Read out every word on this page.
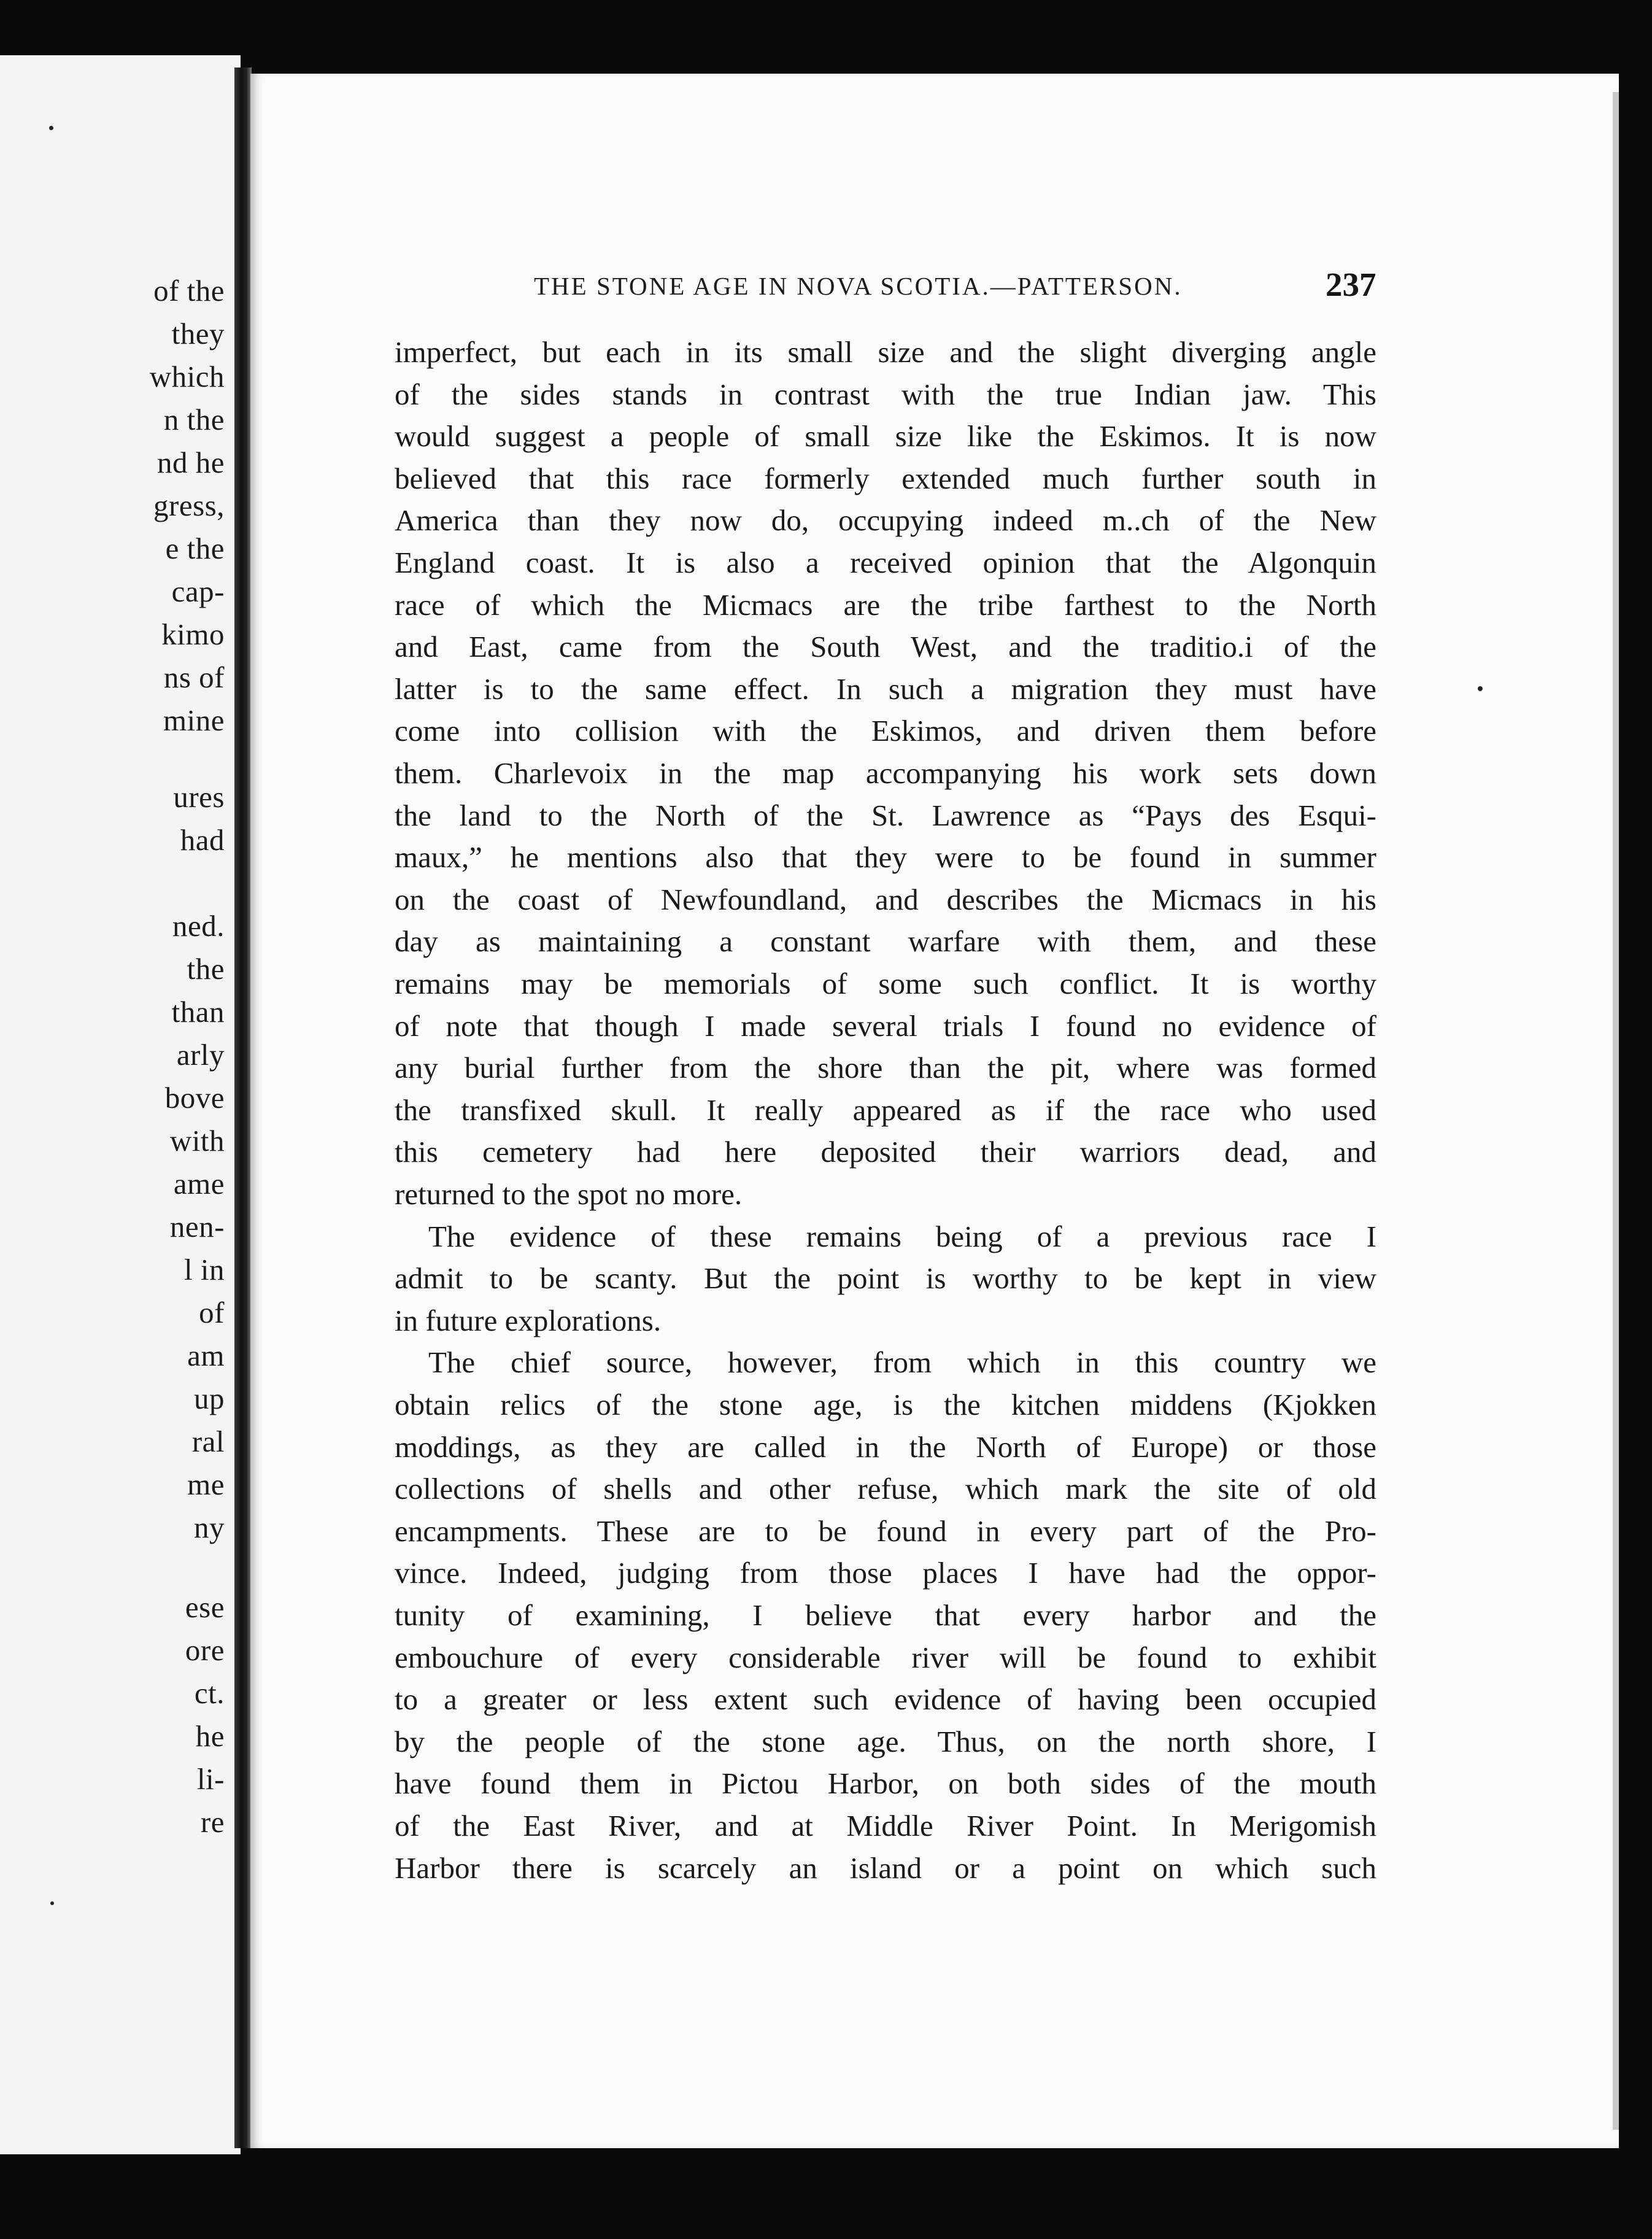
of the
they
which
n the
nd he
gress,
e the
cap-
kimo
ns of
mine
ures
had
ned.
the
than
arly
bove
with
ame
nen-
l in
of
am
up
ral
me
ny
ese
ore
ct.
he
li-
re
THE STONE AGE IN NOVA SCOTIA.—PATTERSON.	237
imperfect, but each in its small size and the slight diverging angle
of the sides stands in contrast with the true Indian jaw. This
would suggest a people of small size like the Eskimos. It is now
believed that this race formerly extended much further south in
America than they now do, occupying indeed m..ch of the New
England coast. It is also a received opinion that the Algonquin
race of which the Micmacs are the tribe farthest to the North
and East, came from the South West, and the traditio.i of the
latter is to the same effect. In such a migration they must have
come into collision with the Eskimos, and driven them before
them. Charlevoix in the map accompanying his work sets down
the land to the North of the St. Lawrence as “Pays des Esqui-
maux,” he mentions also that they were to be found in summer
on the coast of Newfoundland, and describes the Micmacs in his
day as maintaining a constant warfare with them, and these
remains may be memorials of some such conflict. It is worthy
of note that though I made several trials I found no evidence of
any burial further from the shore than the pit, where was formed
the transfixed skull. It really appeared as if the race who used
this cemetery had here deposited their warriors dead, and
returned to the spot no more.
The evidence of these remains being of a previous race I
admit to be scanty. But the point is worthy to be kept in view
in future explorations.
The chief source, however, from which in this country we
obtain relics of the stone age, is the kitchen middens (Kjokken
moddings, as they are called in the North of Europe) or those
collections of shells and other refuse, which mark the site of old
encampments. These are to be found in every part of the Pro-
vince. Indeed, judging from those places I have had the oppor-
tunity of examining, I believe that every harbor and the
embouchure of every considerable river will be found to exhibit
to a greater or less extent such evidence of having been occupied
by the people of the stone age. Thus, on the north shore, I
have found them in Pictou Harbor, on both sides of the mouth
of the East River, and at Middle River Point. In Merigomish
Harbor there is scarcely an island or a point on which such
